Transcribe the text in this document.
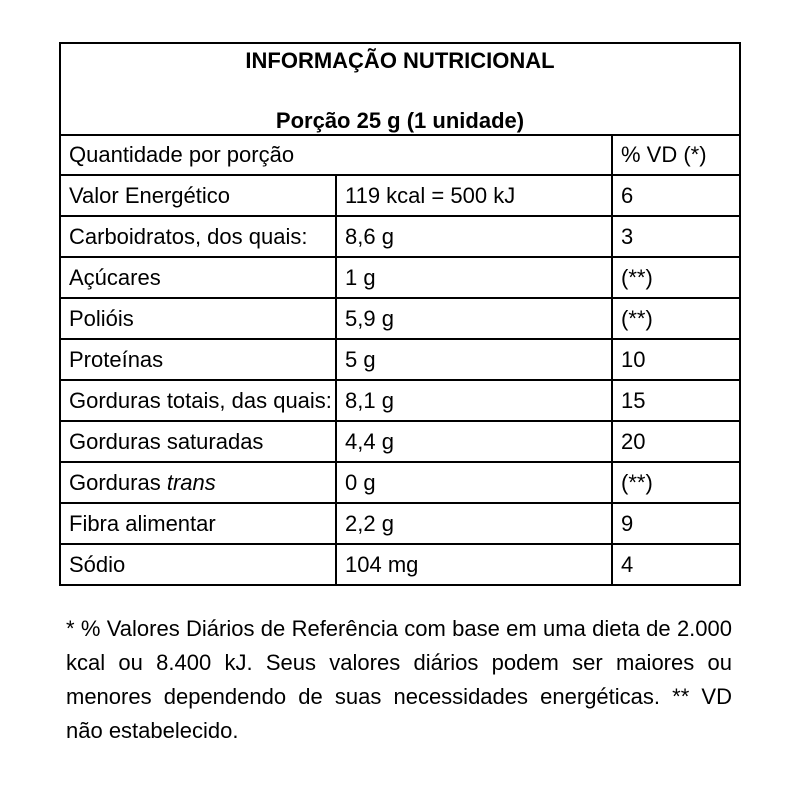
INFORMAÇÃO NUTRICIONAL
Porção 25 g (1 unidade)
Quantidade por porção		% VD (*)
Valor Energético	119 kcal = 500 kJ	6
Carboidratos, dos quais:	8,6 g	3
Açúcares	1 g	(**)
Polióis	5,9 g	(**)
Proteínas	5 g	10
Gorduras totais, das quais:	8,1 g	15
Gorduras saturadas	4,4 g	20
Gorduras trans	0 g	(**)
Fibra alimentar	2,2 g	9
Sódio	104 mg	4
* % Valores Diários de Referência com base em uma dieta de 2.000 kcal ou 8.400 kJ. Seus valores diários podem ser maiores ou menores dependendo de suas necessidades energéticas. ** VD não estabelecido.
